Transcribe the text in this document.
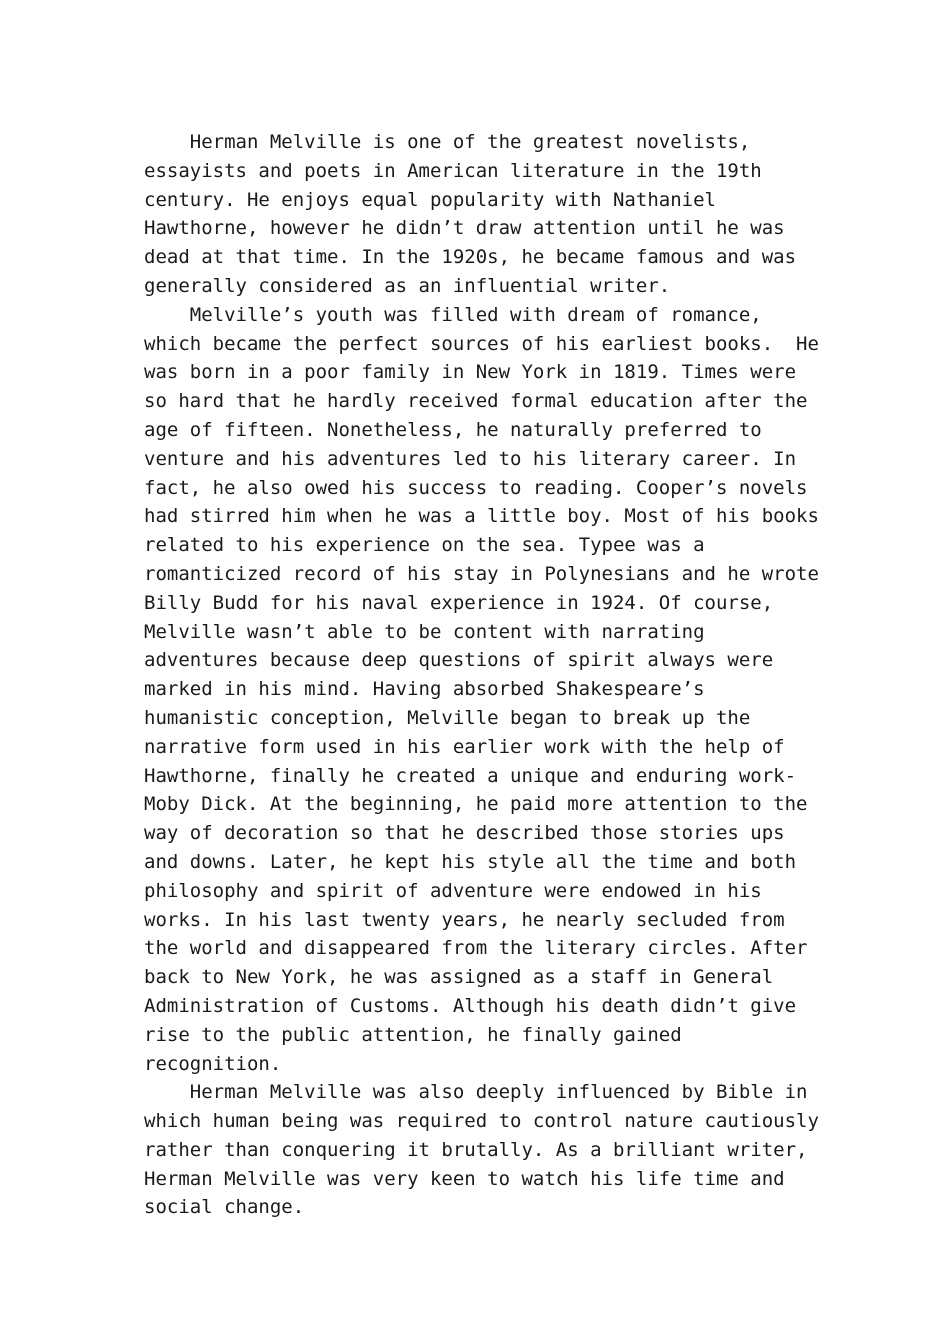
Herman Melville is one of the greatest novelists,
essayists and poets in American literature in the 19th
century. He enjoys equal popularity with Nathaniel
Hawthorne, however he didn’t draw attention until he was
dead at that time. In the 1920s, he became famous and was
generally considered as an influential writer.
Melville’s youth was filled with dream of romance,
which became the perfect sources of his earliest books.  He
was born in a poor family in New York in 1819. Times were
so hard that he hardly received formal education after the
age of fifteen. Nonetheless, he naturally preferred to
venture and his adventures led to his literary career. In
fact, he also owed his success to reading. Cooper’s novels
had stirred him when he was a little boy. Most of his books
related to his experience on the sea. Typee was a
romanticized record of his stay in Polynesians and he wrote
Billy Budd for his naval experience in 1924. Of course,
Melville wasn’t able to be content with narrating
adventures because deep questions of spirit always were
marked in his mind. Having absorbed Shakespeare’s
humanistic conception, Melville began to break up the
narrative form used in his earlier work with the help of
Hawthorne, finally he created a unique and enduring work-
Moby Dick. At the beginning, he paid more attention to the
way of decoration so that he described those stories ups
and downs. Later, he kept his style all the time and both
philosophy and spirit of adventure were endowed in his
works. In his last twenty years, he nearly secluded from
the world and disappeared from the literary circles. After
back to New York, he was assigned as a staff in General
Administration of Customs. Although his death didn’t give
rise to the public attention, he finally gained
recognition.
Herman Melville was also deeply influenced by Bible in
which human being was required to control nature cautiously
rather than conquering it brutally. As a brilliant writer,
Herman Melville was very keen to watch his life time and
social change.
